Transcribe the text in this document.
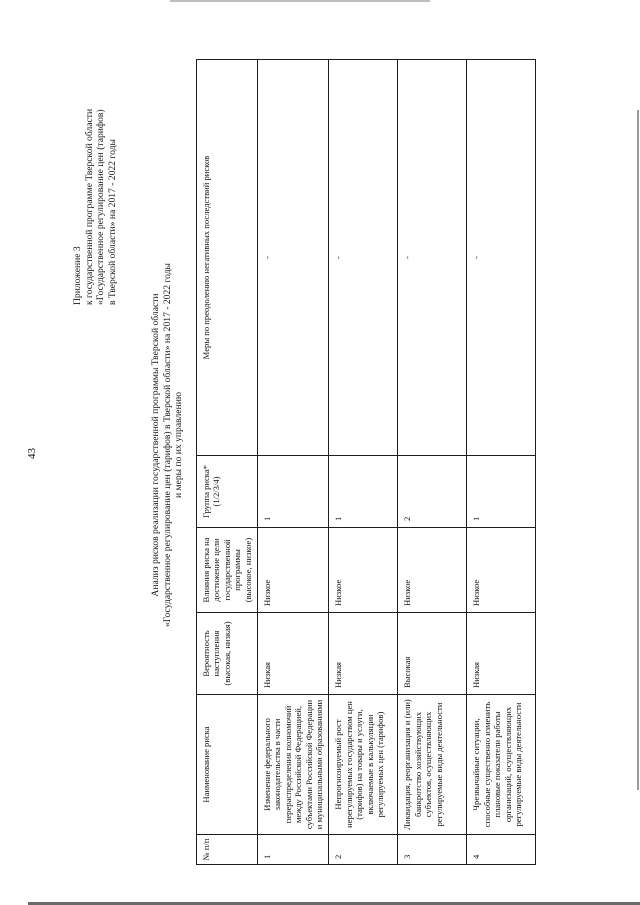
43
Приложение 3 к государственной программе Тверской области «Государственное регулирование цен (тарифов) в Тверской области» на 2017 - 2022 годы
Анализ рисков реализации государственной программы Тверской области «Государственное регулирование цен (тарифов) в Тверской области» на 2017 - 2022 годы и меры по их управлению
№ п/п	Наименование риска	Вероятность наступления (высокая, низкая)	Влияния риска на достижение цели государственной программы (высокое, низкое)	Группа риска* (1/2/3/4)	Меры по преодолению негативных последствий рисков
1	Изменение федерального законодательства в части перераспределения полномочий между Российской Федерацией, субъектами Российской Федерации и муниципальными образованиями	Низкая	Низкое	1	-
2	Непрогнозируемый рост нерегулируемых государством цен (тарифов) на товары и услуги, включаемые в калькуляции регулируемых цен (тарифов)	Низкая	Низкое	1	-
3	Ликвидация, реорганизация и (или) банкротство хозяйствующих субъектов, осуществляющих регулируемые виды деятельности	Высокая	Низкое	2	-
4	Чрезвычайные ситуации, способные существенно изменить плановые показатели работы организаций, осуществляющих регулируемые виды деятельности	Низкая	Низкое	1	-
